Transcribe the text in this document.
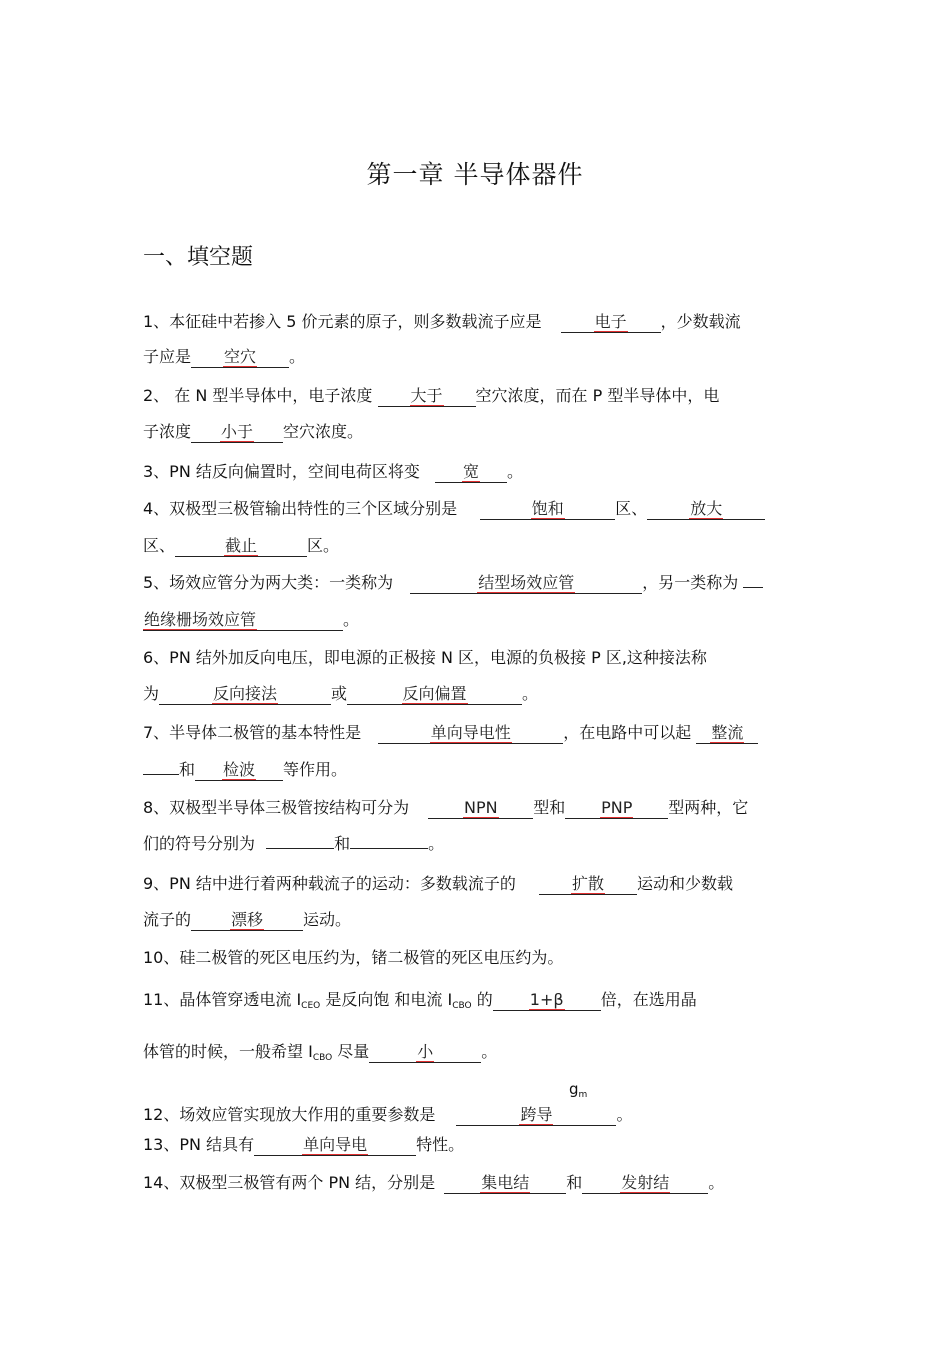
第一章 半导体器件
一、填空题
1、本征硅中若掺入 5 价元素的原子，则多数载流子应是	电子 ，少数载流
子应是 空穴 。
2、 在 N 型半导体中，电子浓度 大于 空穴浓度，而在 P 型半导体中，电
子浓度 小于 空穴浓度。
3、PN 结反向偏置时，空间电荷区将变	宽 。
4、双极型三极管输出特性的三个区域分别是	饱和	区、	放大
区、	截止	区。
5、场效应管分为两大类：一类称为	结型场效应管	，另一类称为
绝缘栅场效应管	。
6、PN 结外加反向电压，即电源的正极接 N 区，电源的负极接 P 区,这种接法称
为	反向接法	或	反向偏置	。
7、半导体二极管的基本特性是	单向导电性	，在电路中可以起 整流
和 检波 等作用。
8、双极型半导体三极管按结构可分为	NPN 型和 PNP 型两种，它
们的符号分别为	和	。
9、PN 结中进行着两种载流子的运动：多数载流子的	扩散 运动和少数载
流子的 漂移	运动。
10、硅二极管的死区电压约为，锗二极管的死区电压约为。
11、晶体管穿透电流 $I_{CEO}$ 是反向饱 和电流 $I_{CBO}$ 的 1+β 倍，在选用晶
体管的时候，一般希望 $I_{CBO}$ 尽量	小	。
$g_m$
12、场效应管实现放大作用的重要参数是	跨导	。
13、PN 结具有	单向导电	特性。
14、双极型三极管有两个 PN 结，分别是	集电结 和 发射结 。
